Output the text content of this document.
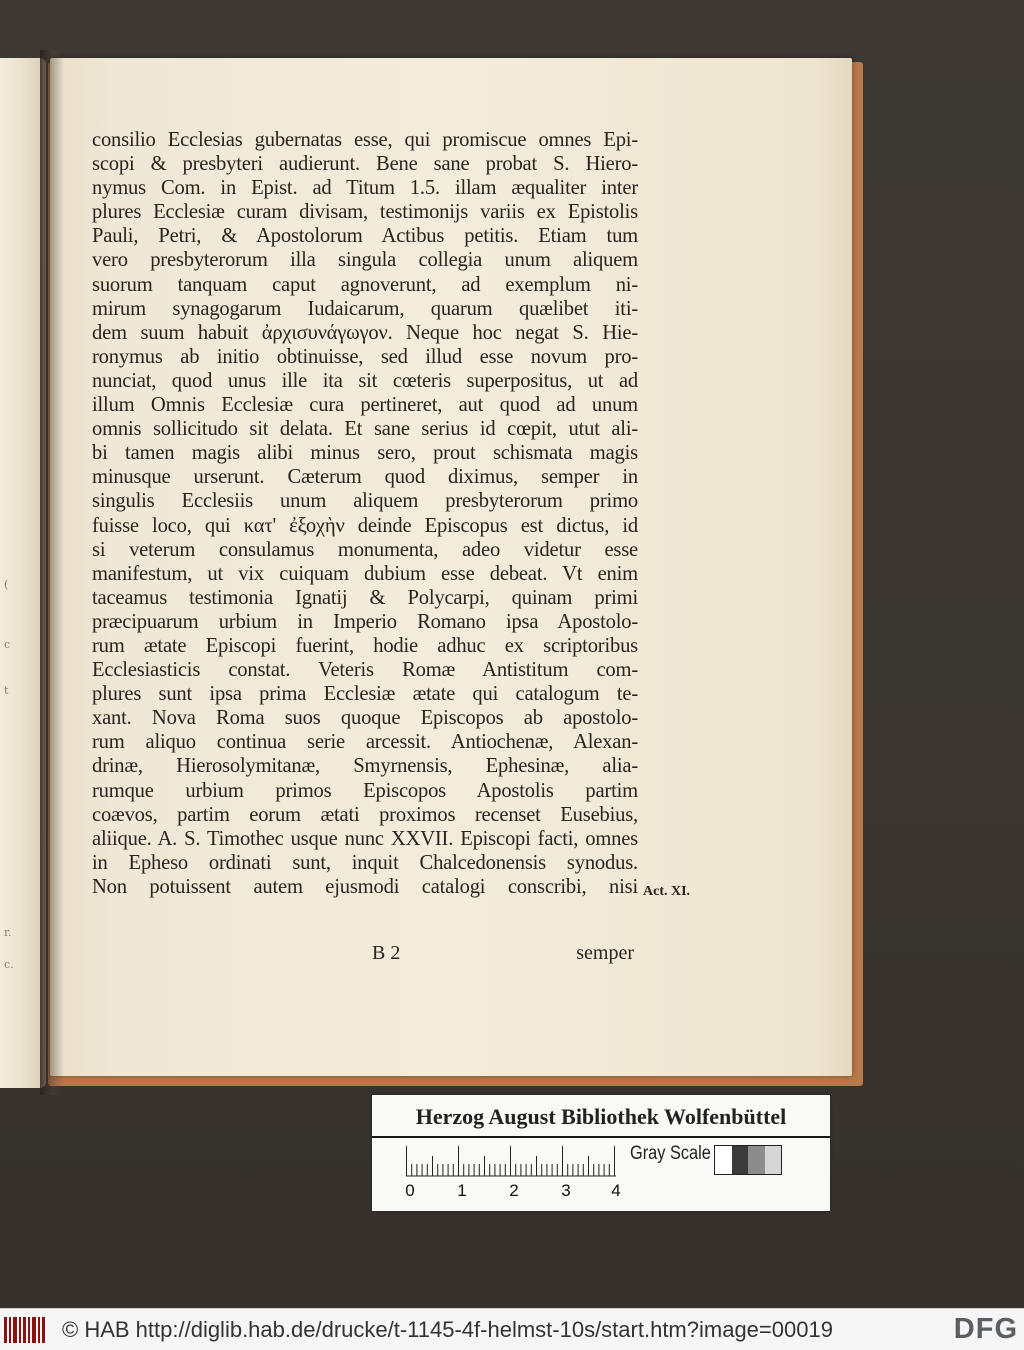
(
c
t
r.
c.
consilio Ecclesias gubernatas esse, qui promiscue omnes Epi-
scopi & presbyteri audierunt. Bene sane probat S. Hiero-
nymus Com. in Epist. ad Titum 1.5. illam æqualiter inter
plures Ecclesiæ curam divisam, testimonijs variis ex Epistolis
Pauli, Petri, & Apostolorum Actibus petitis. Etiam tum
vero presbyterorum illa singula collegia unum aliquem
suorum tanquam caput agnoverunt, ad exemplum ni-
mirum synagogarum Iudaicarum, quarum quælibet iti-
dem suum habuit ἀρχισυνάγωγον. Neque hoc negat S. Hie-
ronymus ab initio obtinuisse, sed illud esse novum pro-
nunciat, quod unus ille ita sit cœteris superpositus, ut ad
illum Omnis Ecclesiæ cura pertineret, aut quod ad unum
omnis sollicitudo sit delata. Et sane serius id cœpit, utut ali-
bi tamen magis alibi minus sero, prout schismata magis
minusque urserunt. Cæterum quod diximus, semper in
singulis Ecclesiis unum aliquem presbyterorum primo
fuisse loco, qui κατ' ἐξοχὴν deinde Episcopus est dictus, id
si veterum consulamus monumenta, adeo videtur esse
manifestum, ut vix cuiquam dubium esse debeat. Vt enim
taceamus testimonia Ignatij & Polycarpi, quinam primi
præcipuarum urbium in Imperio Romano ipsa Apostolo-
rum ætate Episcopi fuerint, hodie adhuc ex scriptoribus
Ecclesiasticis constat. Veteris Romæ Antistitum com-
plures sunt ipsa prima Ecclesiæ ætate qui catalogum te-
xant. Nova Roma suos quoque Episcopos ab apostolo-
rum aliquo continua serie arcessit. Antiochenæ, Alexan-
drinæ, Hierosolymitanæ, Smyrnensis, Ephesinæ, alia-
rumque urbium primos Episcopos Apostolis partim
coævos, partim eorum ætati proximos recenset Eusebius,
aliique. A. S. Timothec usque nunc XXVII. Episcopi facti, omnes
in Epheso ordinati sunt, inquit Chalcedonensis synodus.
Non potuissent autem ejusmodi catalogi conscribi, nisi Act. XI.
B 2	semper
Herzog August Bibliothek Wolfenbüttel
0	1	2	3 4
Gray Scale
© HAB http://diglib.hab.de/drucke/t-1145-4f-helmst-10s/start.htm?image=00019	DFG
